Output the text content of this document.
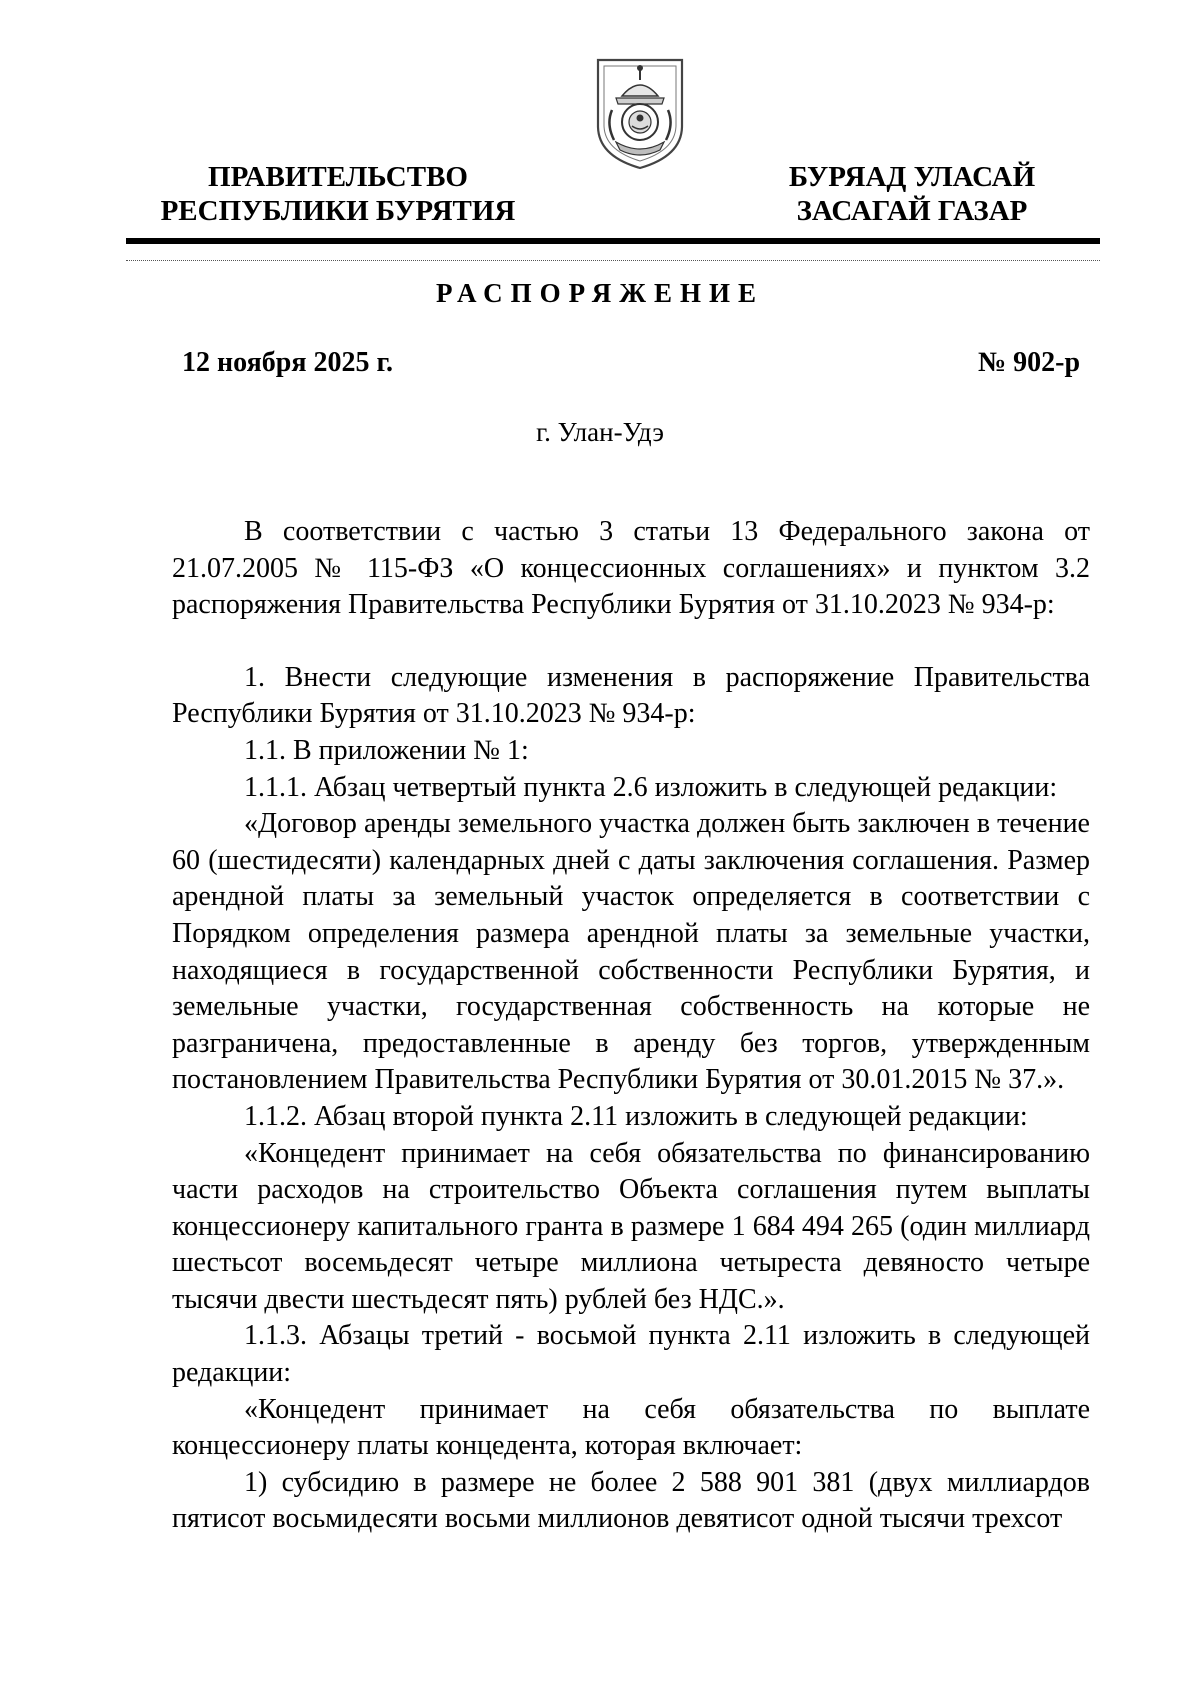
ПРАВИТЕЛЬСТВО
РЕСПУБЛИКИ БУРЯТИЯ
БУРЯАД УЛАСАЙ
ЗАСАГАЙ ГАЗАР
РАСПОРЯЖЕНИЕ
12 ноября 2025 г.	№ 902-р
г. Улан-Удэ

В соответствии с частью 3 статьи 13 Федерального закона от 21.07.2005 № 115-ФЗ «О концессионных соглашениях» и пунктом 3.2 распоряжения Правительства Республики Бурятия от 31.10.2023 № 934-р:

1. Внести следующие изменения в распоряжение Правительства Республики Бурятия от 31.10.2023 № 934-р:

1.1. В приложении № 1:

1.1.1. Абзац четвертый пункта 2.6 изложить в следующей редакции:

«Договор аренды земельного участка должен быть заключен в течение 60 (шестидесяти) календарных дней с даты заключения соглашения. Размер арендной платы за земельный участок определяется в соответствии с Порядком определения размера арендной платы за земельные участки, находящиеся в государственной собственности Республики Бурятия, и земельные участки, государственная собственность на которые не разграничена, предоставленные в аренду без торгов, утвержденным постановлением Правительства Республики Бурятия от 30.01.2015 № 37.».

1.1.2. Абзац второй пункта 2.11 изложить в следующей редакции:

«Концедент принимает на себя обязательства по финансированию части расходов на строительство Объекта соглашения путем выплаты концессионеру капитального гранта в размере 1 684 494 265 (один миллиард шестьсот восемьдесят четыре миллиона четыреста девяносто четыре тысячи двести шестьдесят пять) рублей без НДС.».

1.1.3. Абзацы третий - восьмой пункта 2.11 изложить в следующей редакции:

«Концедент принимает на себя обязательства по выплате концессионеру платы концедента, которая включает:

1) субсидию в размере не более 2 588 901 381 (двух миллиардов пятисот восьмидесяти восьми миллионов девятисот одной тысячи трехсот
